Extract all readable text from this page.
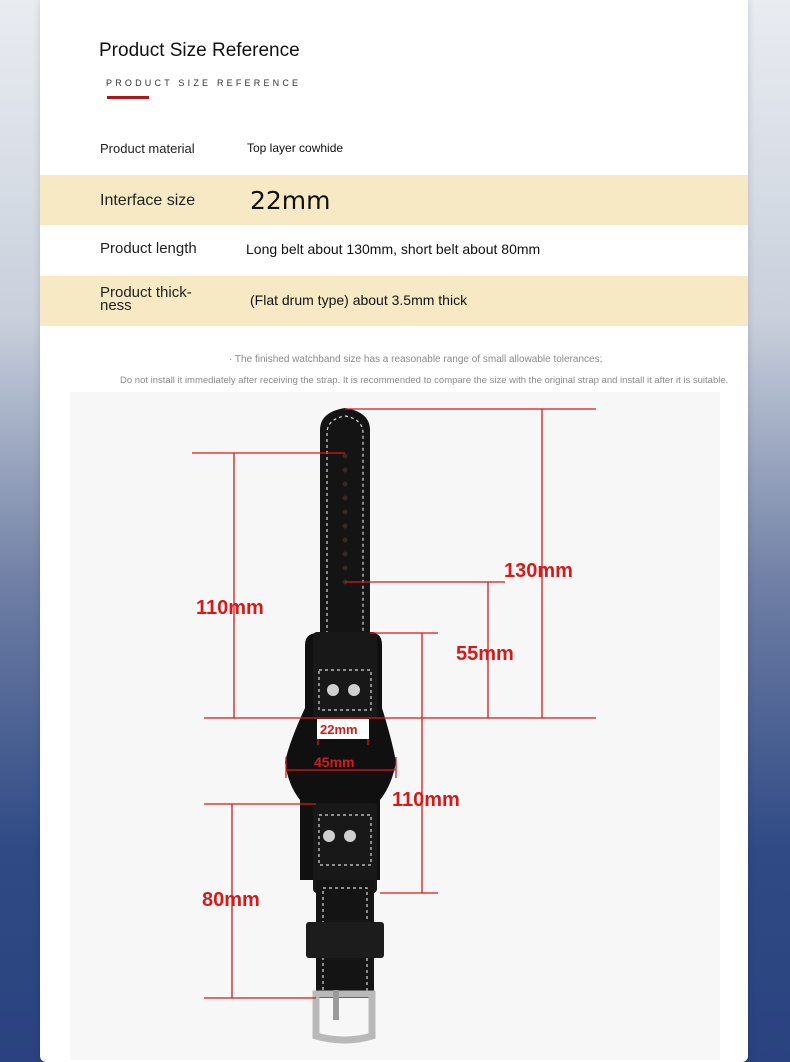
Product Size Reference
PRODUCT SIZE REFERENCE
Product material	Top layer cowhide
Interface size 22mm
Product length	Long belt about 130mm, short belt about 80mm
Product thick-
ness	(Flat drum type) about 3.5mm thick
· The finished watchband size has a reasonable range of small allowable tolerances;
Do not install it immediately after receiving the strap. It is recommended to compare the size with the original strap and install it after it is suitable.
130mm
110mm
55mm
22mm
45mm
110mm
80mm
